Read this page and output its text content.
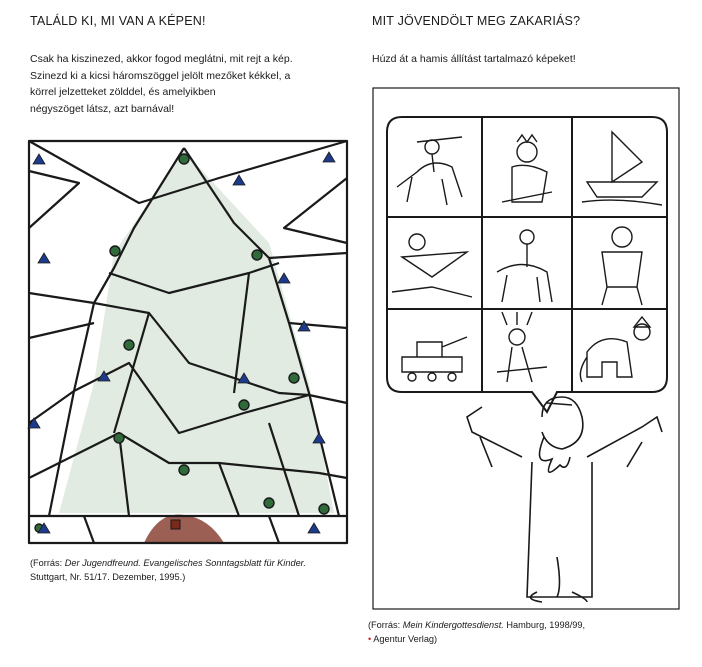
TALÁLD KI, MI VAN A KÉPEN!

Csak ha kiszinezed, akkor fogod meglátni, mit rejt a kép.

Szinezd ki a kicsi háromszöggel jelölt mezőket kékkel, a

körrel jelzetteket zölddel, és amelyikben

négyszöget látsz, azt barnával!

(Forrás: Der Jugendfreund. Evangelisches Sonntagsblatt für Kinder.

Stuttgart, Nr. 51/17. Dezember, 1995.)

MIT JÖVENDÖLT MEG ZAKARIÁS?

Húzd át a hamis állítást tartalmazó képeket!

(Forrás: Mein Kindergottesdienst. Hamburg, 1998/99,

• Agentur Verlag)
